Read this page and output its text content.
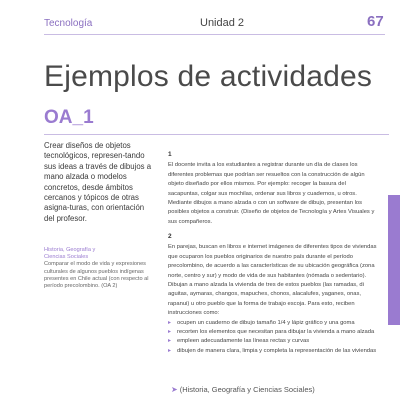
Tecnología	Unidad 2	67
Ejemplos de actividades
OA_1
Crear diseños de objetos tecnológicos, represen-tando sus ideas a través de dibujos a mano alzada o modelos concretos, desde ámbitos cercanos y tópicos de otras asigna-turas, con orientación del profesor.
Historia, Geografía y Ciencias Sociales
Comparar el modo de vida y expresiones culturales de algunos pueblos indígenas presentes en Chile actual (con respecto al período precolombino. (OA 2)
1
El docente invita a los estudiantes a registrar durante un día de clases los diferentes problemas que podrían ser resueltos con la construcción de algún objeto diseñado por ellos mismos. Por ejemplo: recoger la basura del sacapuntas, colgar sus mochilas, ordenar sus libros y cuadernos, u otros. Mediante dibujos a mano alzada o con un software de dibujo, presentan los posibles objetos a construir. (Diseño de objetos de Tecnología y Artes Visuales y sus compañeros.
2
En parejas, buscan en libros e internet imágenes de diferentes tipos de viviendas que ocuparon los pueblos originarios de nuestro país durante el período precolombino, de acuerdo a las características de su ubicación geográfica (zona norte, centro y sur) y modo de vida de sus habitantes (nómada o sedentario). Dibujan a mano alzada la vivienda de tres de estos pueblos (las ramadas, di aguitas, aymaras, changos, mapuches, chonos, alacalufes, yaganes, onas, rapanui) u otro pueblo que la forma de trabajo escoja. Para esto, reciben instrucciones como:
▸ ocupen un cuaderno de dibujo tamaño 1/4 y lápiz gráfico y una goma
▸ recorten los elementos que necesitan para dibujar la vivienda a mano alzada
▸ empleen adecuadamente las líneas rectas y curvas
▸ dibujen de manera clara, limpia y completa la representación de las viviendas
➤ (Historia, Geografía y Ciencias Sociales)
